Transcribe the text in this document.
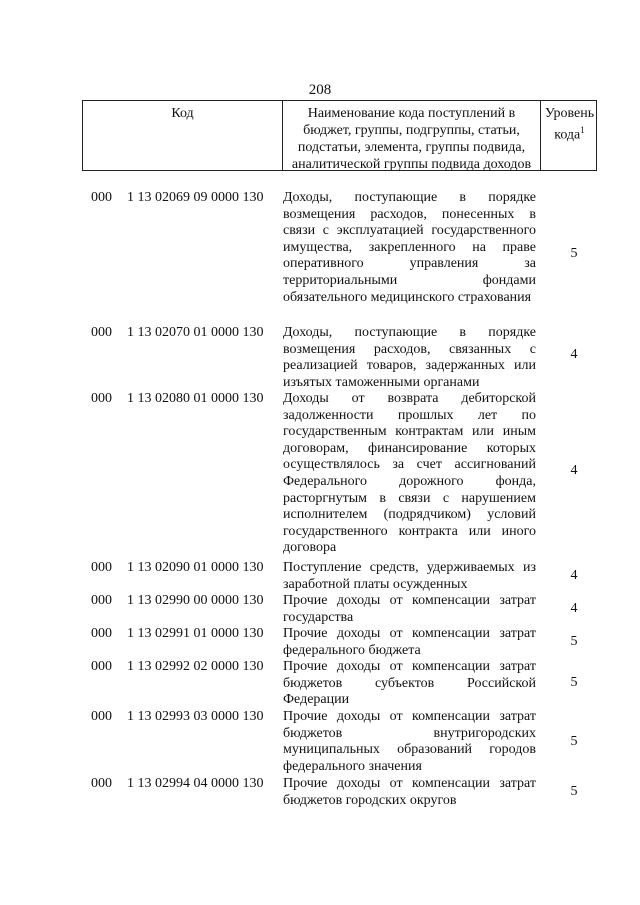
208
Код	Наименование кода поступлений в бюджет, группы, подгруппы, статьи, подстатьи, элемента, группы подвида, аналитической группы подвида доходов
Уровень кода$^1$
000 1 13 02069 09 0000 130 Доходы, поступающие в порядке возмещения расходов, понесенных в связи с эксплуатацией государственного имущества, закрепленного на праве оперативного управления за территориальными фондами обязательного медицинского страхования
5
000 1 13 02070 01 0000 130 Доходы, поступающие в порядке возмещения расходов, связанных с реализацией товаров, задержанных или изъятых таможенными органами
4
000 1 13 02080 01 0000 130 Доходы от возврата дебиторской задолженности прошлых лет по государственным контрактам или иным договорам, финансирование которых осуществлялось за счет ассигнований Федерального дорожного фонда, расторгнутым в связи с нарушением исполнителем (подрядчиком) условий государственного контракта или иного договора
4
000 1 13 02090 01 0000 130 Поступление средств, удерживаемых из заработной платы осужденных
4
000 1 13 02990 00 0000 130 Прочие доходы от компенсации затрат государства
4
000 1 13 02991 01 0000 130 Прочие доходы от компенсации затрат федерального бюджета
5
000 1 13 02992 02 0000 130 Прочие доходы от компенсации затрат бюджетов субъектов Российской Федерации
5
000 1 13 02993 03 0000 130 Прочие доходы от компенсации затрат бюджетов внутригородских муниципальных образований городов федерального значения
5
000 1 13 02994 04 0000 130 Прочие доходы от компенсации затрат бюджетов городских округов
5
